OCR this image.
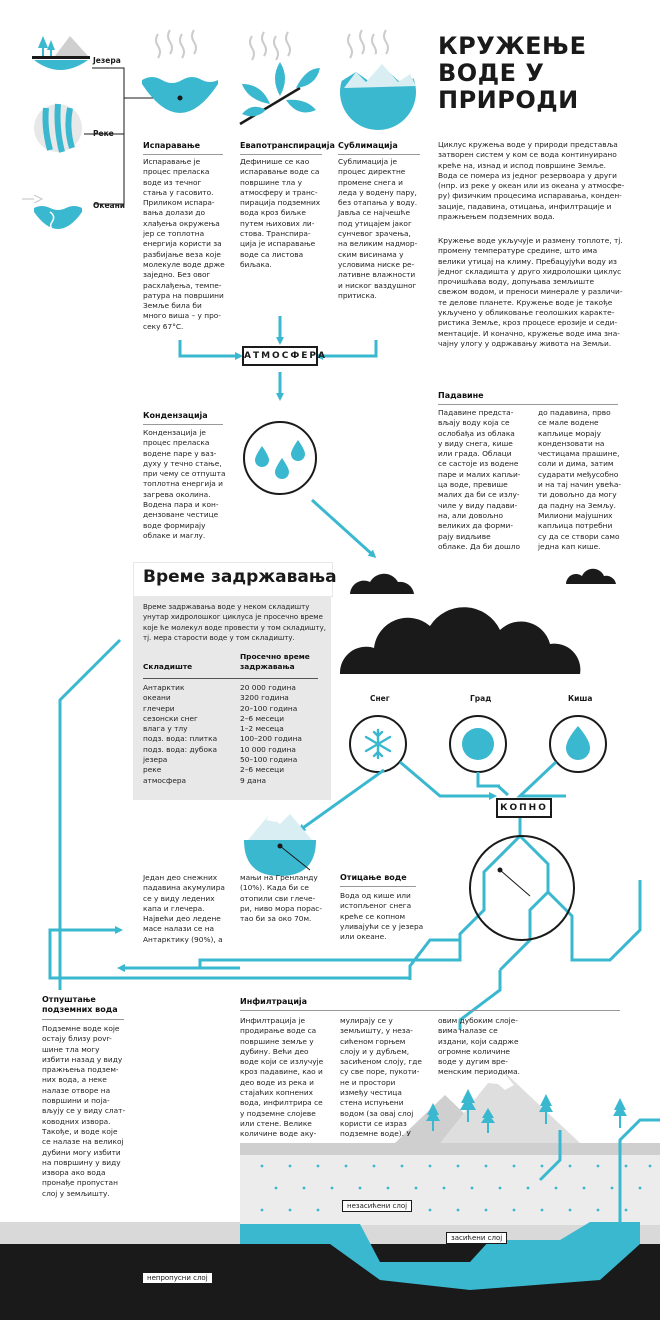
Језера
Реке
Океани
КРУЖЕЊЕ
ВОДЕ У
ПРИРОДИ
Испаравање
Испаравање је
процес преласка
воде из течног
стања у гасовито.
Приликом испара-
вања долази до
хлађења окружења
јер се топлотна
енергија користи за
разбијање веза које
молекуле воде држе
заједно. Без овог
расхлађења, темпе-
ратура на површини
Земље била би
много виша – у про-
секу 67°C.
Евапотранспирација
Дефинише се као
испаравање воде са
површине тла у
атмосферу и транс-
пирација подземних
вода кроз биљке
путем њихових ли-
стова. Транспира-
ција је испаравање
воде са листова
биљака.
Сублимација
Сублимација је
процес директне
промене снега и
леда у водену пару,
без отапања у воду.
Јавља се најчешће
под утицајем јаког
сунчевог зрачења,
на великим надмор-
ским висинама у
условима ниске ре-
лативне влажности
и ниског ваздушног
притиска.
Циклус кружења воде у природи представља
затворен систем у ком се вода континуирано
креће на, изнад и испод површине Земље.
Вода се помера из једног резервоара у други
(нпр. из реке у океан или из океана у атмосфе-
ру) физичким процесима испаравања, конден-
зације, падавина, отицања, инфилтрације и
пражњењем подземних вода.
Кружење воде укључује и размену топлоте, тј.
промену температуре средине, што има
велики утицај на климу. Пребацујући воду из
једног складишта у друго хидролошки циклус
прочишћава воду, допуњава земљиште
свежом водом, и преноси минерале у различи-
те делове планете. Кружење воде је такође
укључено у обликовање геолошких каракте-
ристика Земље, кроз процесе ерозије и седи-
ментације. И коначно, кружење воде има зна-
чајну улогу у одржавању живота на Земљи.
АТМОСФЕРА
Кондензација
Кондензација је
процес преласка
водене паре у ваз-
духу у течно стање,
при чему се отпушта
топлотна енергија и
загрева околина.
Водена пара и кон-
дензоване честице
воде формирају
облаке и маглу.
Падавине
Падавине предста-
вљају воду која се
ослобађа из облака
у виду снега, кише
или града. Облаци
се састоје из водене
паре и малих капљи-
ца воде, превише
малих да би се излу-
чиле у виду падави-
на, али довољно
великих да форми-
рају видљиве
облаке. Да би дошло
до падавина, прво
се мале водене
капљице морају
кондензовати на
честицама прашине,
соли и дима, затим
сударати међусобно
и на тај начин увећа-
ти довољно да могу
да падну на Земљу.
Милиони мајушних
капљица потребни
су да се створи само
једна кап кише.
Време задржавања
Време задржавања воде у неком складишту
унутар хидролошког циклуса је просечно време
које ће молекул воде провести у том складишту,
тј. мера старости воде у том складишту.
Складиште
Просечно време
задржавања
Антарктик
океани
глечери
сезонски снег
влага у тлу
подз. вода: плитка
подз. вода: дубока
језера
реке
атмосфера
20 000 година
3200 година
20–100 година
2–6 месеци
1–2 месеца
100–200 година
10 000 година
50–100 година
2–6 месеци
9 дана
Снег	Град	Киша
КОПНО
Један део снежних
падавина акумулира
се у виду ледених
капа и глечера.
Највећи део ледене
масе налази се на
Антарктику (90%), а
мањи на Гренланду
(10%). Када би се
отопили сви глечe-
ри, ниво мора порас-
тао би за око 70м.
Отицање воде
Вода од кише или
истопљеног снега
креће се копном
уливајући се у језера
или океане.
Отпуштање
подземних вода
Подземне воде које
остају близу povr-
шине тла могу
избити назад у виду
пражњења подзем-
них вода, а неке
налазе отворе на
површини и поја-
вљују се у виду слат-
ководних извора.
Такође, и воде које
се налазе на великој
дубини могу избити
на површину у виду
извора ако вода
пронађе пропустан
слој у земљишту.
Инфилтрација
Инфилтрација је
продирање воде са
површине земље у
дубину. Већи део
воде који се излучује
кроз падавине, као и
део воде из река и
стајаћих копнених
вода, инфилтрира се
у подземне слојеве
или стене. Велике
количине воде аку-
мулирају се у
земљишту, у неза-
сићеном горњем
слоју и у дубљем,
засићеном слоју, где
су све поре, пукоти-
не и простори
између честица
стена испуњени
водом (за овај слој
користи се израз
подземне воде). У
овим дубоким слоје-
вима налазе се
издани, који садрже
огромне количине
воде у дугим вре-
менским периодима.
незасићени слој
засићени слој
непропусни слој
